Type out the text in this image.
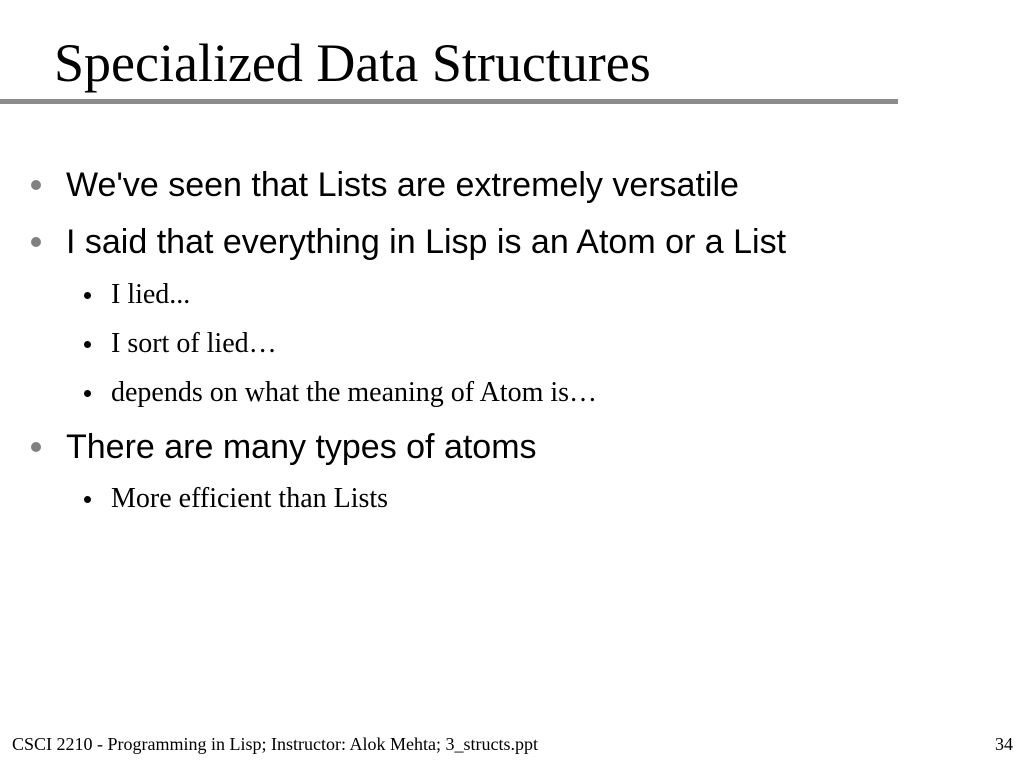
Specialized Data Structures
We've seen that Lists are extremely versatile
I said that everything in Lisp is an Atom or a List
I lied...
I sort of lied…
depends on what the meaning of Atom is…
There are many types of atoms
More efficient than Lists
CSCI 2210 - Programming in Lisp; Instructor: Alok Mehta; 3_structs.ppt	34
